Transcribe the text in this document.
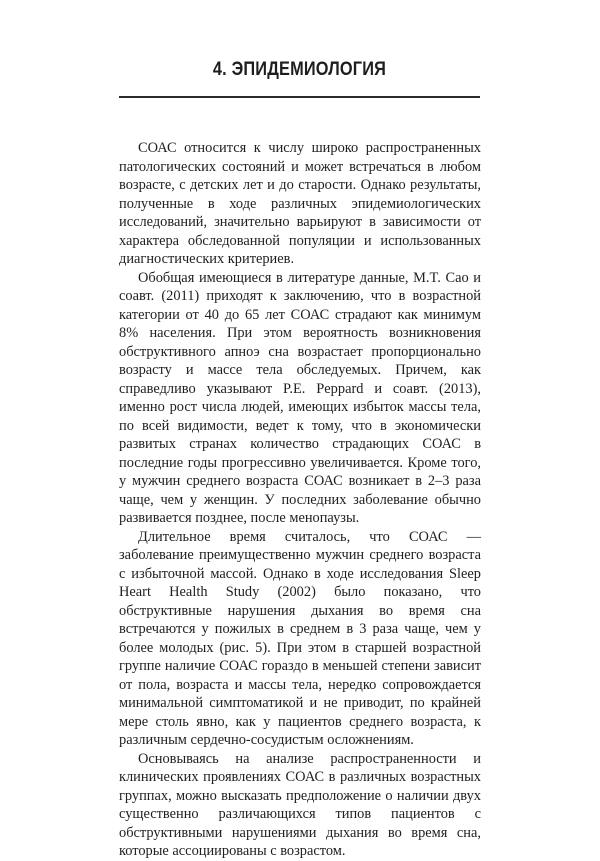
4. ЭПИДЕМИОЛОГИЯ

СОАС относится к числу широко распространенных патологических состояний и может встречаться в любом возрасте, с детских лет и до старости. Однако результаты, полученные в ходе различных эпидемиологических исследований, значительно варьируют в зависимости от характера обследованной популяции и использованных диагностических критериев.

Обобщая имеющиеся в литературе данные, M.T. Cao и соавт. (2011) приходят к заключению, что в возрастной категории от 40 до 65 лет СОАС страдают как минимум 8% населения. При этом вероятность возникновения обструктивного апноэ сна возрастает пропорционально возрасту и массе тела обследуемых. Причем, как справедливо указывают P.E. Peppard и соавт. (2013), именно рост числа людей, имеющих избыток массы тела, по всей видимости, ведет к тому, что в экономически развитых странах количество страдающих СОАС в последние годы прогрессивно увеличивается. Кроме того, у мужчин среднего возраста СОАС возникает в 2–3 раза чаще, чем у женщин. У последних заболевание обычно развивается позднее, после менопаузы.

Длительное время считалось, что СОАС — заболевание преимущественно мужчин среднего возраста с избыточной массой. Однако в ходе исследования Sleep Heart Health Study (2002) было показано, что обструктивные нарушения дыхания во время сна встречаются у пожилых в среднем в 3 раза чаще, чем у более молодых (рис. 5). При этом в старшей возрастной группе наличие СОАС гораздо в меньшей степени зависит от пола, возраста и массы тела, нередко сопровождается минимальной симптоматикой и не приводит, по крайней мере столь явно, как у пациентов среднего возраста, к различным сердечно-сосудистым осложнениям.

Основываясь на анализе распространенности и клинических проявлениях СОАС в различных возрастных группах, можно высказать предположение о наличии двух существенно различающихся типов пациентов с обструктивными нарушениями дыхания во время сна, которые ассоциированы с возрастом.
